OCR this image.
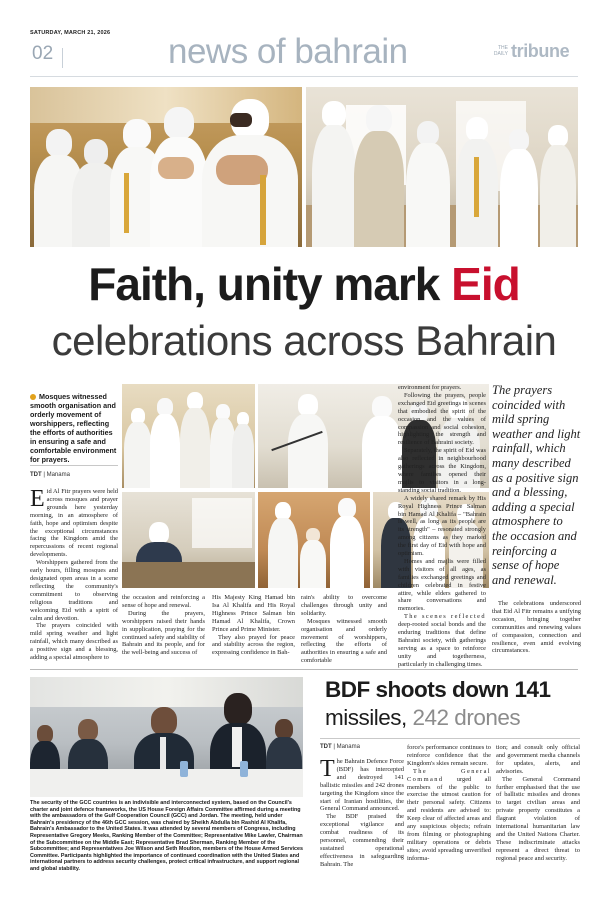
SATURDAY, MARCH 21, 2026
02	news of bahrain	THE DAILY tribune
Faith, unity mark Eid
celebrations across Bahrain
Mosques witnessed smooth organisation and orderly movement of worshippers, reflecting the efforts of authorities in ensuring a safe and comfortable environment for prayers.
TDT | Manama

Eid Al Fitr prayers were held across mosques and prayer grounds here yesterday morning, in an atmosphere of faith, hope and optimism despite the exceptional circumstances facing the Kingdom amid the repercussions of recent regional developments.

Worshippers gathered from the early hours, filling mosques and designated open areas in a scene reflecting the community's commitment to observing religious traditions and welcoming Eid with a spirit of calm and devotion.

The prayers coincided with mild spring weather and light rainfall, which many described as a positive sign and a blessing, adding a special atmosphere to

the occasion and reinforcing a sense of hope and renewal.

During the prayers, worshippers raised their hands in supplication, praying for the continued safety and stability of Bahrain and its people, and for the well-being and success of

His Majesty King Hamad bin Isa Al Khalifa and His Royal Highness Prince Salman bin Hamad Al Khalifa, Crown Prince and Prime Minister.

They also prayed for peace and stability across the region, expressing confidence in Bah-

rain's ability to overcome challenges through unity and solidarity.

Mosques witnessed smooth organisation and orderly movement of worshippers, reflecting the efforts of authorities in ensuring a safe and comfortable

environment for prayers.

Following the prayers, people exchanged Eid greetings in scenes that embodied the spirit of the occasion and the values of compassion and social cohesion, highlighting the strength and resilience of Bahraini society.

Separately, the spirit of Eid was also reflected in neighbourhood gatherings across the Kingdom, where families opened their majlis to visitors in a long-standing social tradition.

A widely shared remark by His Royal Highness Prince Salman bin Hamad Al Khalifa – "Bahrain is well, as long as its people are its strength" – resonated strongly among citizens as they marked the first day of Eid with hope and optimism.

Homes and majlis were filled with visitors of all ages, as families exchanged greetings and children celebrated in festive attire, while elders gathered to share conversations and memories.

The scenes reflected deep-rooted social bonds and the enduring traditions that define Bahraini society, with gatherings serving as a space to reinforce unity and togetherness, particularly in challenging times.

The prayers coincided with mild spring weather and light rainfall, which many described as a positive sign and a blessing, adding a special atmosphere to the occasion and reinforcing a sense of hope and renewal.

The celebrations underscored that Eid Al Fitr remains a unifying occasion, bringing together communities and renewing values of compassion, connection and resilience, even amid evolving circumstances.

The security of the GCC countries is an indivisible and interconnected system, based on the Council's charter and joint defence frameworks, the US House Foreign Affairs Committee affirmed during a meeting with the ambassadors of the Gulf Cooperation Council (GCC) and Jordan. The meeting, held under Bahrain's presidency of the 46th GCC session, was chaired by Sheikh Abdulla bin Rashid Al Khalifa, Bahrain's Ambassador to the United States. It was attended by several members of Congress, including Representative Gregory Meeks, Ranking Member of the Committee; Representative Mike Lawler, Chairman of the Subcommittee on the Middle East; Representative Brad Sherman, Ranking Member of the Subcommittee; and Representatives Joe Wilson and Seth Moulton, members of the House Armed Services Committee. Participants highlighted the importance of continued coordination with the United States and international partners to address security challenges, protect critical infrastructure, and support regional and global stability.
BDF shoots down 141
missiles, 242 drones
TDT | Manama

The Bahrain Defence Force (BDF) has intercepted and destroyed 141 ballistic missiles and 242 drones targeting the Kingdom since the start of Iranian hostilities, the General Command announced.

The BDF praised the exceptional vigilance and combat readiness of its personnel, commending their sustained operational effectiveness in safeguarding Bahrain. The

force's performance continues to reinforce confidence that the Kingdom's skies remain secure.

The General Command urged all members of the public to exercise the utmost caution for their personal safety. Citizens and residents are advised to: Keep clear of affected areas and any suspicious objects; refrain from filming or photographing military operations or debris sites; avoid spreading unverified informa-

tion; and consult only official and government media channels for updates, alerts, and advisories.

The General Command further emphasised that the use of ballistic missiles and drones to target civilian areas and private property constitutes a flagrant violation of international humanitarian law and the United Nations Charter. These indiscriminate attacks represent a direct threat to regional peace and security.
